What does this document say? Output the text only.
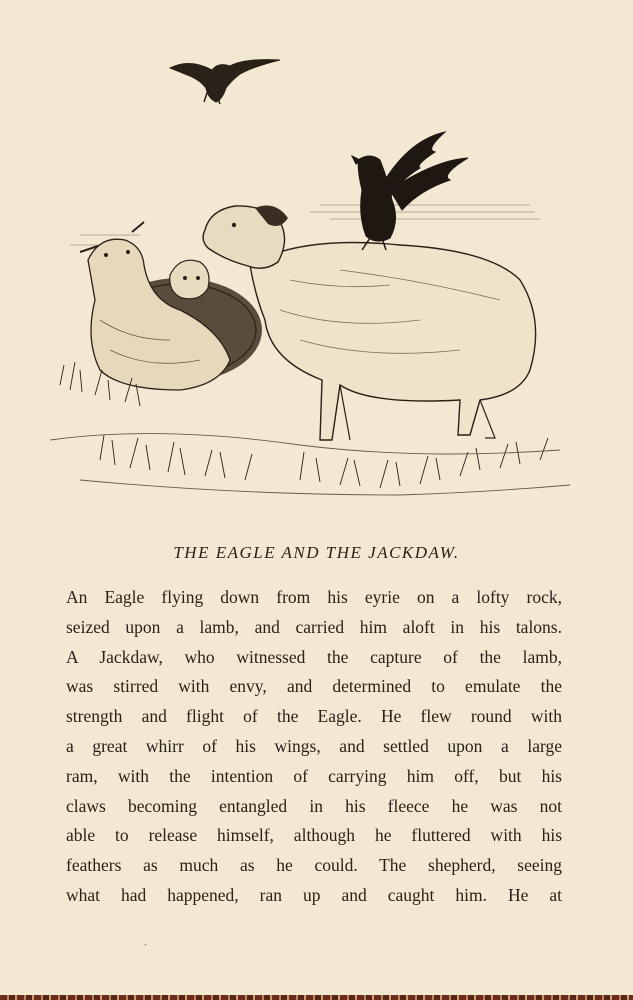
THE EAGLE AND THE JACKDAW.
An Eagle flying down from his eyrie on a lofty rock,
seized upon a lamb, and carried him aloft in his talons.
A Jackdaw, who witnessed the capture of the lamb,
was stirred with envy, and determined to emulate the
strength and flight of the Eagle. He flew round with
a great whirr of his wings, and settled upon a large
ram, with the intention of carrying him off, but his
claws becoming entangled in his fleece he was not
able to release himself, although he fluttered with his
feathers as much as he could. The shepherd, seeing
what had happened, ran up and caught him. He at
ˎ
